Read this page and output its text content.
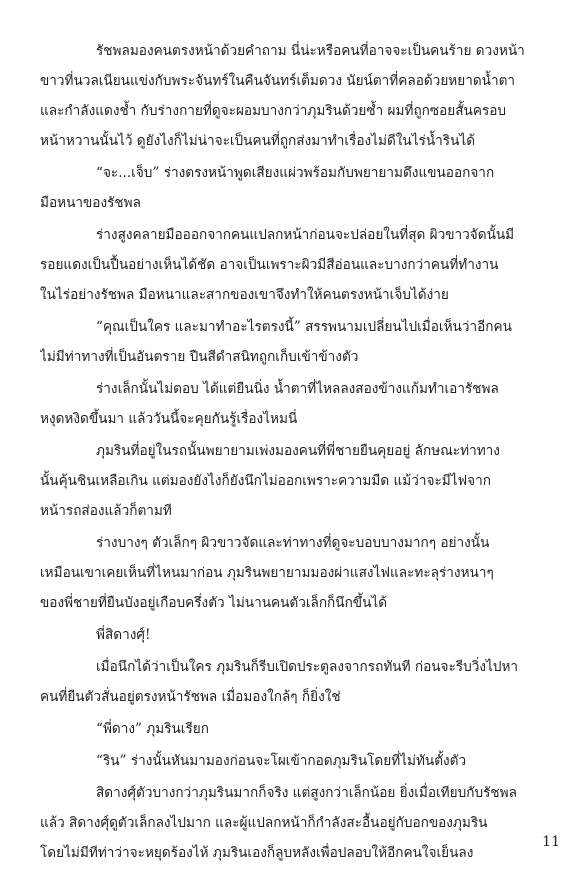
รัชพลมองคนตรงหน้าด้วยคำถาม นี่น่ะหรือคนที่อาจจะเป็นคนร้าย ดวงหน้า
ขาวที่นวลเนียนแข่งกับพระจันทร์ในคืนจันทร์เต็มดวง นัยน์ตาที่คลอด้วยหยาดน้ำตา
และกำลังแดงช้ำ กับร่างกายที่ดูจะผอมบางกว่าภุมรินด้วยซ้ำ ผมที่ถูกซอยสั้นครอบ
หน้าหวานนั้นไว้ ดูยังไงก็ไม่น่าจะเป็นคนที่ถูกส่งมาทำเรื่องไม่ดีในไร่น้ำรินได้

“จะ...เจ็บ” ร่างตรงหน้าพูดเสียงแผ่วพร้อมกับพยายามดึงแขนออกจาก
มือหนาของรัชพล

ร่างสูงคลายมือออกจากคนแปลกหน้าก่อนจะปล่อยในที่สุด ผิวขาวจัดนั้นมี
รอยแดงเป็นปื้นอย่างเห็นได้ชัด อาจเป็นเพราะผิวมีสีอ่อนและบางกว่าคนที่ทำงาน
ในไร่อย่างรัชพล มือหนาและสากของเขาจึงทำให้คนตรงหน้าเจ็บได้ง่าย

“คุณเป็นใคร และมาทำอะไรตรงนี้” สรรพนามเปลี่ยนไปเมื่อเห็นว่าอีกคน
ไม่มีท่าทางที่เป็นอันตราย ปืนสีดำสนิทถูกเก็บเข้าข้างตัว

ร่างเล็กนั้นไม่ตอบ ได้แต่ยืนนิ่ง น้ำตาที่ไหลลงสองข้างแก้มทำเอารัชพล
หงุดหงิดขึ้นมา แล้ววันนี้จะคุยกันรู้เรื่องไหมนี่

ภุมรินที่อยู่ในรถนั้นพยายามเพ่งมองคนที่พี่ชายยืนคุยอยู่ ลักษณะท่าทาง
นั้นคุ้นชินเหลือเกิน แต่มองยังไงก็ยังนึกไม่ออกเพราะความมืด แม้ว่าจะมีไฟจาก
หน้ารถส่องแล้วก็ตามที

ร่างบางๆ ตัวเล็กๆ ผิวขาวจัดและท่าทางที่ดูจะบอบบางมากๆ อย่างนั้น
เหมือนเขาเคยเห็นที่ไหนมาก่อน ภุมรินพยายามมองผ่าแสงไฟและทะลุร่างหนาๆ
ของพี่ชายที่ยืนบังอยู่เกือบครึ่งตัว ไม่นานคนตัวเล็กก็นึกขึ้นได้

พี่สิดางศุ์!

เมื่อนึกได้ว่าเป็นใคร ภุมรินก็รีบเปิดประตูลงจากรถทันที ก่อนจะรีบวิ่งไปหา
คนที่ยืนตัวสั่นอยู่ตรงหน้ารัชพล เมื่อมองใกล้ๆ ก็ยิ่งใช่

“พี่ดาง” ภุมรินเรียก

“ริน” ร่างนั้นหันมามองก่อนจะโผเข้ากอดภุมรินโดยที่ไม่ทันตั้งตัว

สิดางศุ์ตัวบางกว่าภุมรินมากก็จริง แต่สูงกว่าเล็กน้อย ยิ่งเมื่อเทียบกับรัชพล
แล้ว สิดางศุ์ดูตัวเล็กลงไปมาก และผู้แปลกหน้าก็กำลังสะอื้นอยู่กับอกของภุมริน
โดยไม่มีทีท่าว่าจะหยุดร้องไห้ ภุมรินเองก็ลูบหลังเพื่อปลอบให้อีกคนใจเย็นลง

11
